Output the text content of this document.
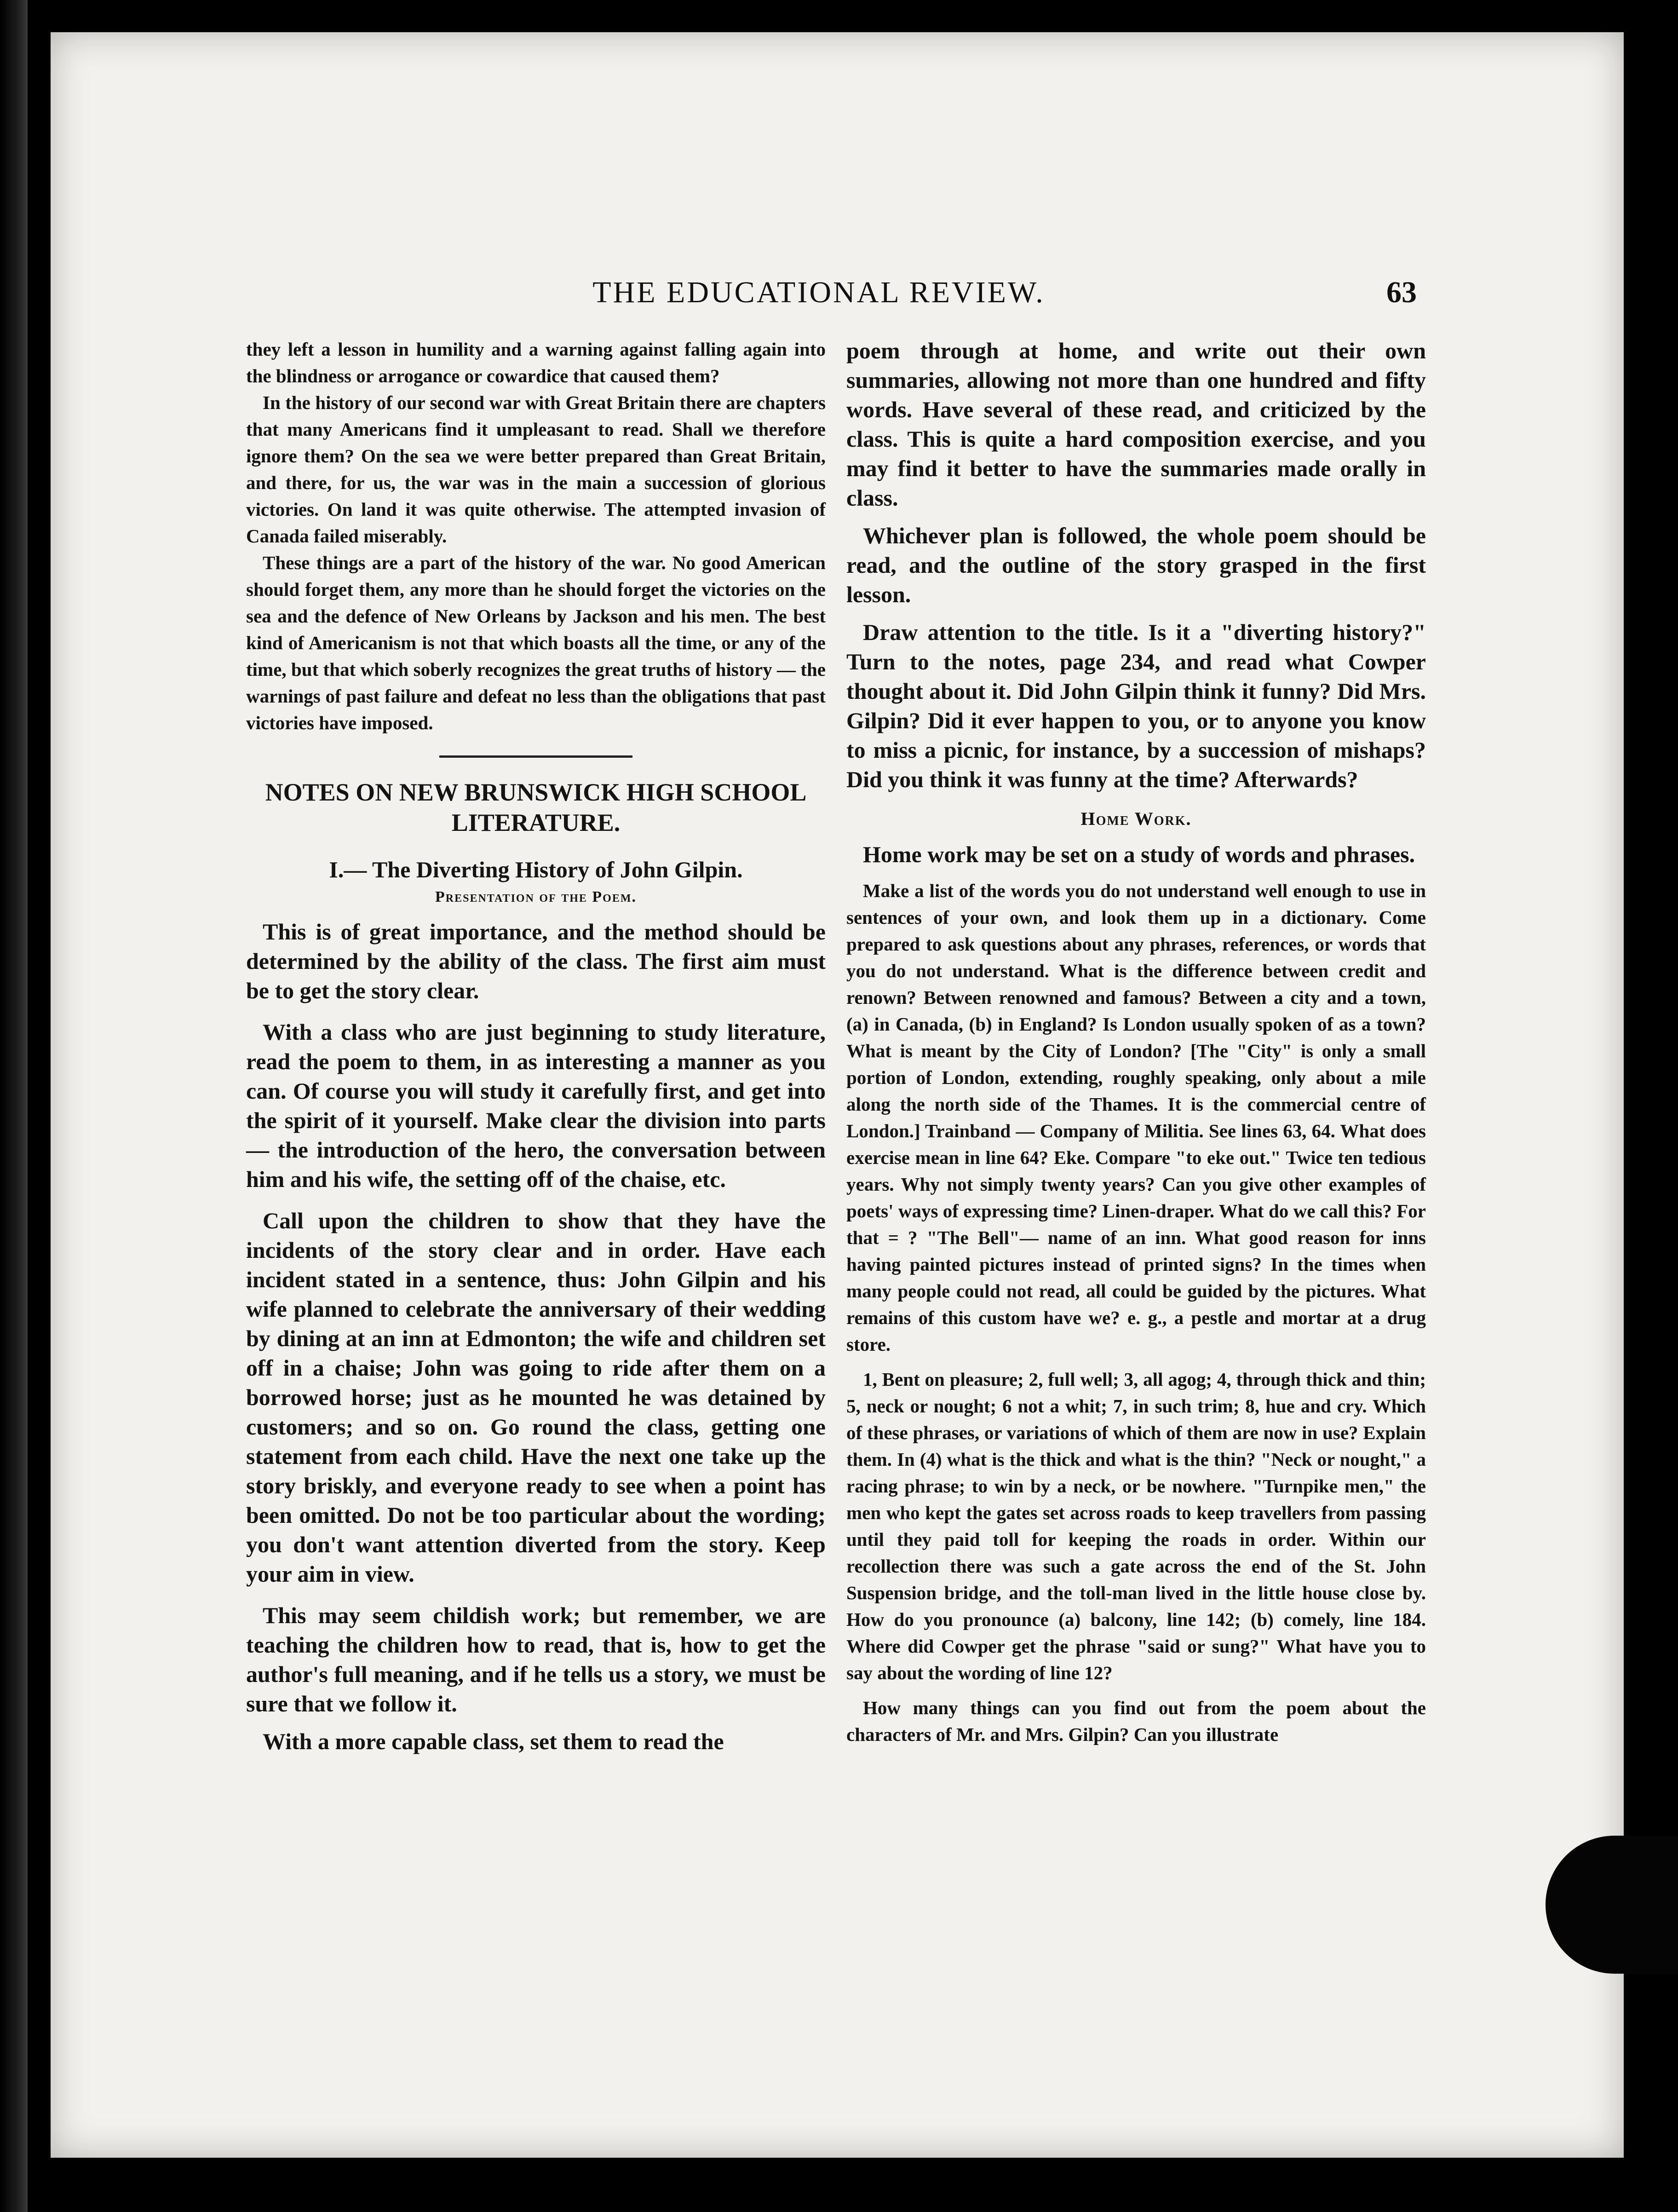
THE EDUCATIONAL REVIEW.	63

they left a lesson in humility and a warning against falling again into the blindness or arrogance or cowardice that caused them?

In the history of our second war with Great Britain there are chapters that many Americans find it umpleasant to read. Shall we therefore ignore them? On the sea we were better prepared than Great Britain, and there, for us, the war was in the main a succession of glorious victories. On land it was quite otherwise. The attempted invasion of Canada failed miserably.

These things are a part of the history of the war. No good American should forget them, any more than he should forget the victories on the sea and the defence of New Orleans by Jackson and his men. The best kind of Americanism is not that which boasts all the time, or any of the time, but that which soberly recognizes the great truths of history — the warnings of past failure and defeat no less than the obligations that past victories have imposed.

NOTES ON NEW BRUNSWICK HIGH SCHOOL LITERATURE.

I.— The Diverting History of John Gilpin.

Presentation of the Poem.

This is of great importance, and the method should be determined by the ability of the class. The first aim must be to get the story clear.

With a class who are just beginning to study literature, read the poem to them, in as interesting a manner as you can. Of course you will study it carefully first, and get into the spirit of it yourself. Make clear the division into parts — the introduction of the hero, the conversation between him and his wife, the setting off of the chaise, etc.

Call upon the children to show that they have the incidents of the story clear and in order. Have each incident stated in a sentence, thus: John Gilpin and his wife planned to celebrate the anniversary of their wedding by dining at an inn at Edmonton; the wife and children set off in a chaise; John was going to ride after them on a borrowed horse; just as he mounted he was detained by customers; and so on. Go round the class, getting one statement from each child. Have the next one take up the story briskly, and everyone ready to see when a point has been omitted. Do not be too particular about the wording; you don't want attention diverted from the story. Keep your aim in view.

This may seem childish work; but remember, we are teaching the children how to read, that is, how to get the author's full meaning, and if he tells us a story, we must be sure that we follow it.

With a more capable class, set them to read the

poem through at home, and write out their own summaries, allowing not more than one hundred and fifty words. Have several of these read, and criticized by the class. This is quite a hard composition exercise, and you may find it better to have the summaries made orally in class.

Whichever plan is followed, the whole poem should be read, and the outline of the story grasped in the first lesson.

Draw attention to the title. Is it a "diverting history?" Turn to the notes, page 234, and read what Cowper thought about it. Did John Gilpin think it funny? Did Mrs. Gilpin? Did it ever happen to you, or to anyone you know to miss a picnic, for instance, by a succession of mishaps? Did you think it was funny at the time? Afterwards?

Home Work.

Home work may be set on a study of words and phrases.

Make a list of the words you do not understand well enough to use in sentences of your own, and look them up in a dictionary. Come prepared to ask questions about any phrases, references, or words that you do not understand. What is the difference between credit and renown? Between renowned and famous? Between a city and a town, (a) in Canada, (b) in England? Is London usually spoken of as a town? What is meant by the City of London? [The "City" is only a small portion of London, extending, roughly speaking, only about a mile along the north side of the Thames. It is the commercial centre of London.] Trainband — Company of Militia. See lines 63, 64. What does exercise mean in line 64? Eke. Compare "to eke out." Twice ten tedious years. Why not simply twenty years? Can you give other examples of poets' ways of expressing time? Linen-draper. What do we call this? For that = ? "The Bell"— name of an inn. What good reason for inns having painted pictures instead of printed signs? In the times when many people could not read, all could be guided by the pictures. What remains of this custom have we? e. g., a pestle and mortar at a drug store.

1, Bent on pleasure; 2, full well; 3, all agog; 4, through thick and thin; 5, neck or nought; 6 not a whit; 7, in such trim; 8, hue and cry. Which of these phrases, or variations of which of them are now in use? Explain them. In (4) what is the thick and what is the thin? "Neck or nought," a racing phrase; to win by a neck, or be nowhere. "Turnpike men," the men who kept the gates set across roads to keep travellers from passing until they paid toll for keeping the roads in order. Within our recollection there was such a gate across the end of the St. John Suspension bridge, and the toll-man lived in the little house close by. How do you pronounce (a) balcony, line 142; (b) comely, line 184. Where did Cowper get the phrase "said or sung?" What have you to say about the wording of line 12?

How many things can you find out from the poem about the characters of Mr. and Mrs. Gilpin? Can you illustrate
